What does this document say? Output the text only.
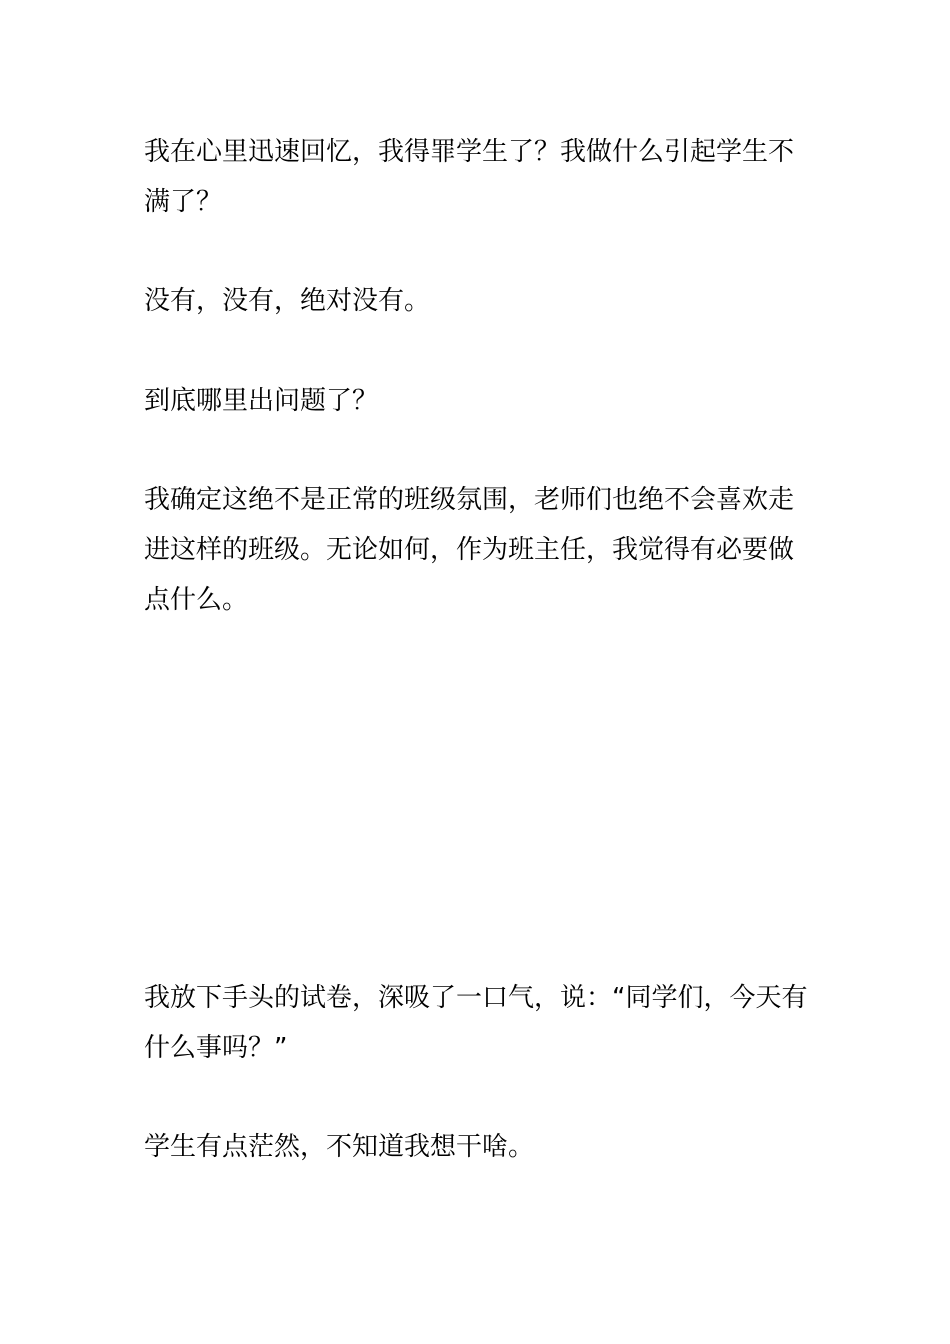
我在心里迅速回忆，我得罪学生了？我做什么引起学生不满了？

没有，没有，绝对没有。

到底哪里出问题了？

我确定这绝不是正常的班级氛围，老师们也绝不会喜欢走进这样的班级。无论如何，作为班主任，我觉得有必要做点什么。

我放下手头的试卷，深吸了一口气，说：“同学们，今天有什么事吗？”

学生有点茫然，不知道我想干啥。
